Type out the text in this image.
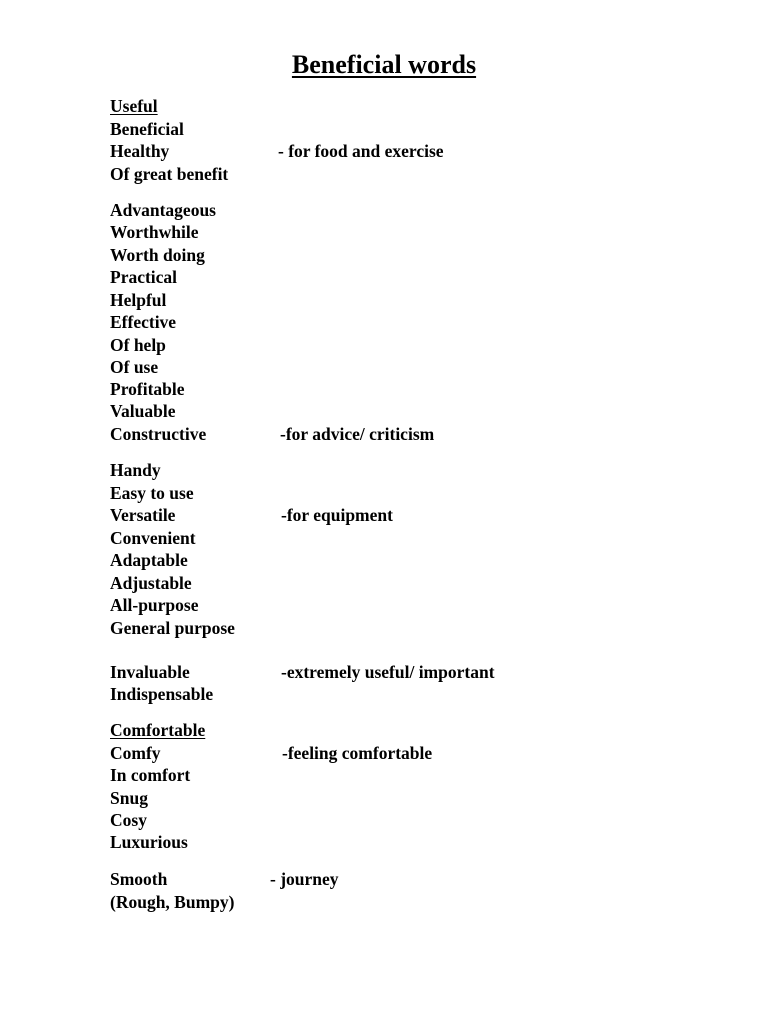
Beneficial words

Useful

Beneficial

Healthy	- for food and exercise

Of great benefit

Advantageous

Worthwhile

Worth doing

Practical

Helpful

Effective

Of help

Of use

Profitable

Valuable

Constructive	-for advice/ criticism

Handy

Easy to use

Versatile	-for equipment

Convenient

Adaptable

Adjustable

All-purpose

General purpose

Invaluable	-extremely useful/ important

Indispensable

Comfortable

Comfy	-feeling comfortable

In comfort

Snug

Cosy

Luxurious

Smooth	- journey

(Rough, Bumpy)
